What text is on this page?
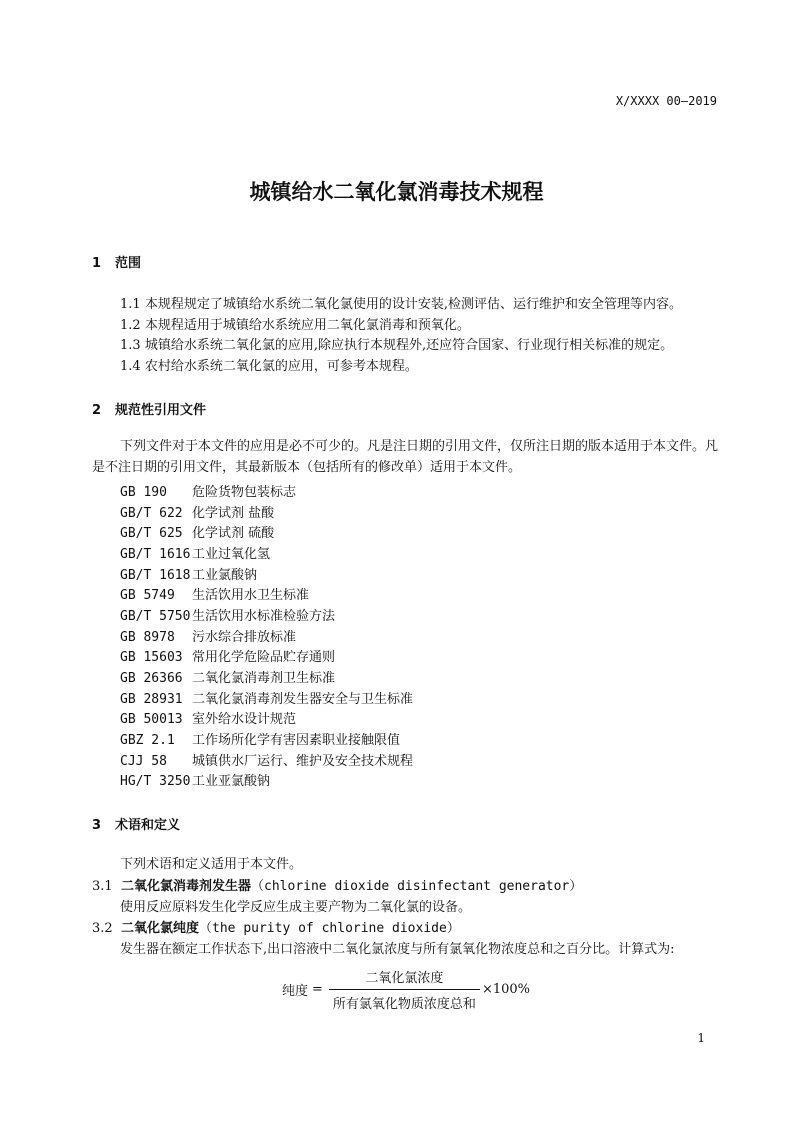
X/XXXX 00—2019
城镇给水二氧化氯消毒技术规程
1 范围
1.1 本规程规定了城镇给水系统二氧化氯使用的设计安装,检测评估、运行维护和安全管理等内容。
1.2 本规程适用于城镇给水系统应用二氧化氯消毒和预氧化。
1.3 城镇给水系统二氧化氯的应用,除应执行本规程外,还应符合国家、行业现行相关标准的规定。
1.4 农村给水系统二氧化氯的应用，可参考本规程。
2 规范性引用文件
下列文件对于本文件的应用是必不可少的。凡是注日期的引用文件，仅所注日期的版本适用于本文件。凡是不注日期的引用文件，其最新版本（包括所有的修改单）适用于本文件。
GB 190 危险货物包装标志
GB/T 622 化学试剂 盐酸
GB/T 625 化学试剂 硫酸
GB/T 1616 工业过氧化氢
GB/T 1618 工业氯酸钠
GB 5749 生活饮用水卫生标准
GB/T 5750 生活饮用水标准检验方法
GB 8978 污水综合排放标准
GB 15603 常用化学危险品贮存通则
GB 26366 二氧化氯消毒剂卫生标准
GB 28931 二氧化氯消毒剂发生器安全与卫生标准
GB 50013 室外给水设计规范
GBZ 2.1 工作场所化学有害因素职业接触限值
CJJ 58 城镇供水厂运行、维护及安全技术规程
HG/T 3250 工业亚氯酸钠
3 术语和定义
下列术语和定义适用于本文件。
3.1 二氧化氯消毒剂发生器（chlorine dioxide disinfectant generator）
使用反应原料发生化学反应生成主要产物为二氧化氯的设备。
3.2 二氧化氯纯度（the purity of chlorine dioxide）
发生器在额定工作状态下,出口溶液中二氧化氯浓度与所有氯氧化物浓度总和之百分比。计算式为:
纯度 = $\frac{\text{二氧化氯浓度}}{\text{所有氯氧化物质浓度总和}} \times 100\%$
1
